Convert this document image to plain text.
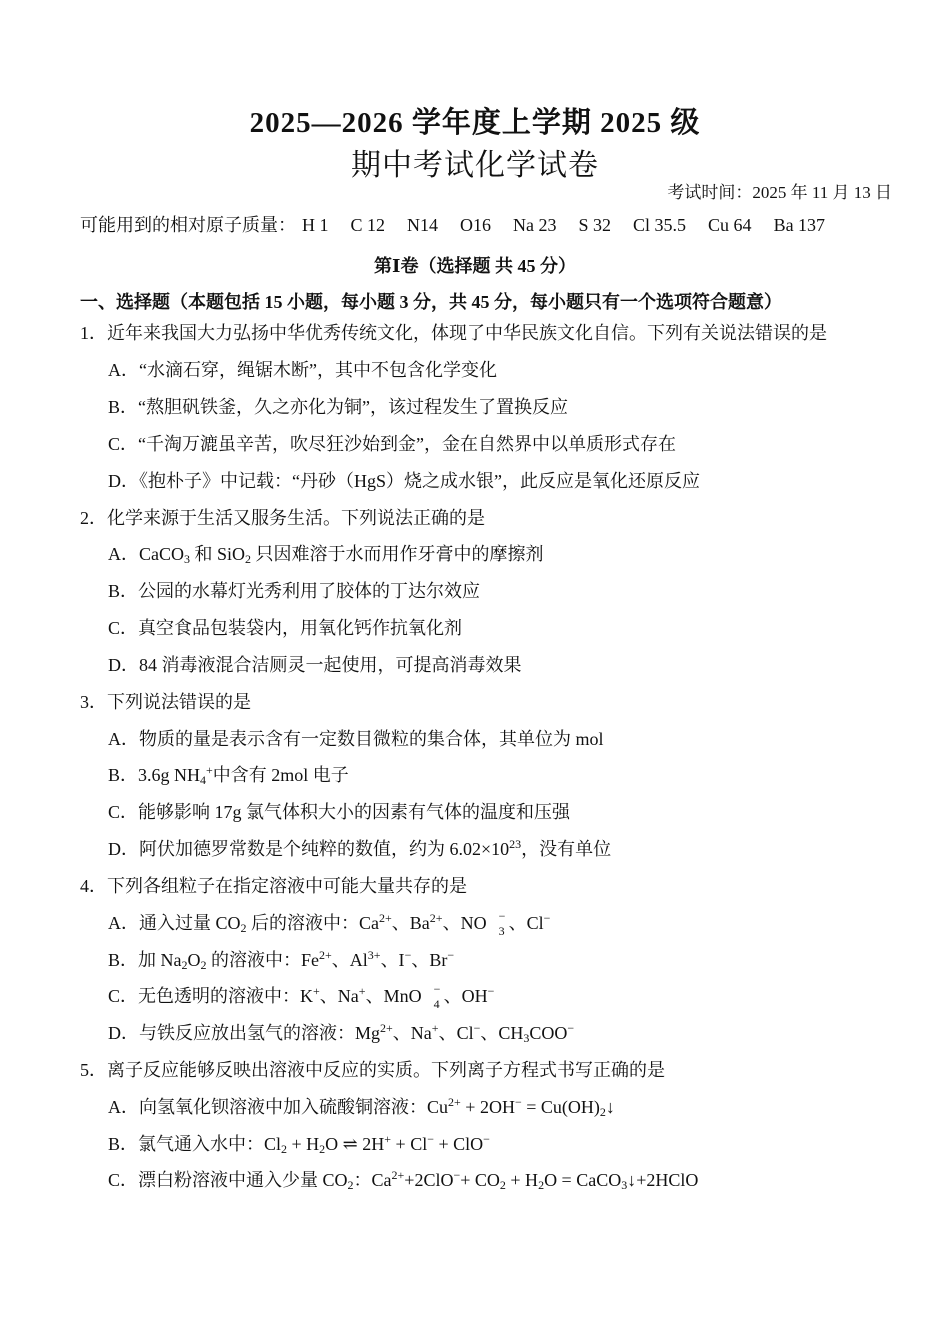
2025—2026 学年度上学期 2025 级
期中考试化学试卷
考试时间：2025 年 11 月 13 日
可能用到的相对原子质量： H 1 C 12 N14 O16 Na 23 S 32 Cl 35.5 Cu 64 Ba 137
第Ⅰ卷（选择题 共 45 分）
一、选择题（本题包括 15 小题，每小题 3 分，共 45 分，每小题只有一个选项符合题意）
1．近年来我国大力弘扬中华优秀传统文化，体现了中华民族文化自信。下列有关说法错误的是
A．“水滴石穿，绳锯木断”，其中不包含化学变化
B．“熬胆矾铁釜，久之亦化为铜”，该过程发生了置换反应
C．“千淘万漉虽辛苦，吹尽狂沙始到金”，金在自然界中以单质形式存在
D．《抱朴子》中记载：“丹砂（HgS）烧之成水银”，此反应是氧化还原反应
2．化学来源于生活又服务生活。下列说法正确的是
A．CaCO$_3$ 和 SiO$_2$ 只因难溶于水而用作牙膏中的摩擦剂
B．公园的水幕灯光秀利用了胶体的丁达尔效应
C．真空食品包装袋内，用氧化钙作抗氧化剂
D．84 消毒液混合洁厕灵一起使用，可提高消毒效果
3．下列说法错误的是
A．物质的量是表示含有一定数目微粒的集合体，其单位为 mol
B．3.6g $NH_4^+$中含有 2mol 电子
C．能够影响 17g 氯气体积大小的因素有气体的温度和压强
D．阿伏加德罗常数是个纯粹的数值，约为 $6.02\times 10^{23}$，没有单位
4．下列各组粒子在指定溶液中可能大量共存的是
A．通入过量 $CO_2$ 后的溶液中：$Ca^{2+}$、$Ba^{2+}$、NO −
3 、Cl−
B．加 $Na_2O_2$ 的溶液中：$Fe^{2+}$、$Al^{3+}$、I−、Br−
C．无色透明的溶液中：K+、Na+、MnO −
4 、OH−
D．与铁反应放出氢气的溶液：$Mg^{2+}$、Na+、Cl−、$CH_3COO^-$
5．离子反应能够反映出溶液中反应的实质。下列离子方程式书写正确的是
A．向氢氧化钡溶液中加入硫酸铜溶液：$Cu^{2+} + 2OH^-$ = $Cu(OH)_2↓$
B．氯气通入水中：$Cl_2 + H_2O$ ⇌ 2H+ + Cl− + ClO−
C．漂白粉溶液中通入少量 $CO_2$：$Ca^{2+}+2ClO^-+ CO_2 + H_2O$ = CaCO$_3$↓+2HClO
